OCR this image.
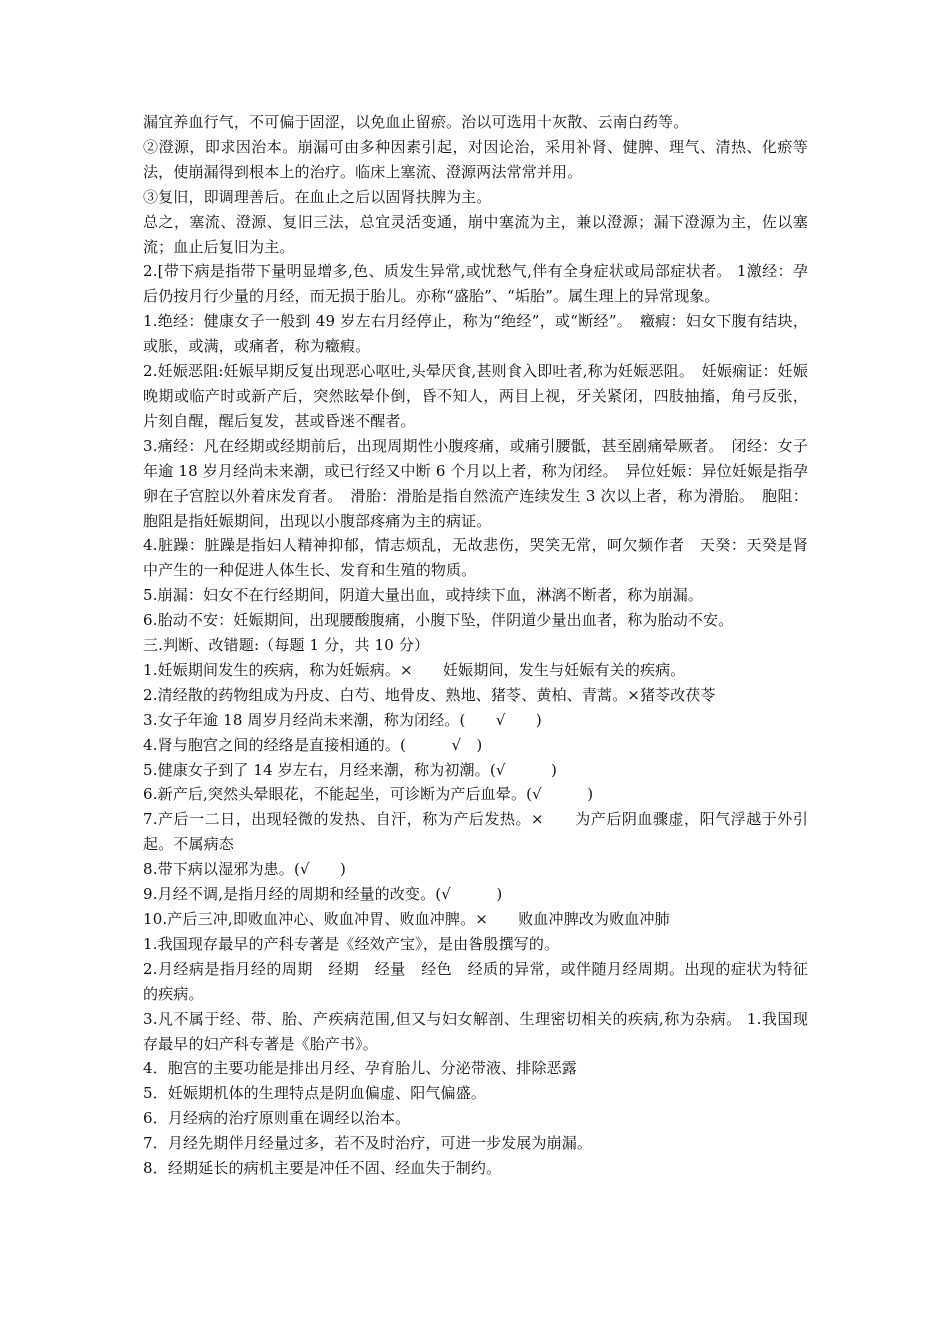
漏宜养血行气，不可偏于固涩，以免血止留瘀。治以可选用十灰散、云南白药等。

②澄源，即求因治本。崩漏可由多种因素引起，对因论治，采用补肾、健脾、理气、清热、化瘀等法，使崩漏得到根本上的治疗。临床上塞流、澄源两法常常并用。

③复旧，即调理善后。在血止之后以固肾扶脾为主。

总之，塞流、澄源、复旧三法，总宜灵活变通，崩中塞流为主，兼以澄源；漏下澄源为主，佐以塞流；血止后复旧为主。

2.[带下病是指带下量明显增多,色、质发生异常,或忧愁气,伴有全身症状或局部症状者。 1激经：孕后仍按月行少量的月经，而无损于胎儿。亦称“盛胎”、“垢胎”。属生理上的异常现象。

1.绝经：健康女子一般到 49 岁左右月经停止，称为“绝经”，或“断经”。　癥瘕：妇女下腹有结块，或胀，或满，或痛者，称为癥瘕。

2.妊娠恶阻:妊娠早期反复出现恶心呕吐,头晕厌食,甚则食入即吐者,称为妊娠恶阻。　妊娠痫证：妊娠晚期或临产时或新产后，突然眩晕仆倒，昏不知人，两目上视，牙关紧闭，四肢抽搐，角弓反张，片刻自醒，醒后复发，甚或昏迷不醒者。

3.痛经：凡在经期或经期前后，出现周期性小腹疼痛，或痛引腰骶，甚至剧痛晕厥者。　闭经：女子年逾 18 岁月经尚未来潮，或已行经又中断 6 个月以上者，称为闭经。　异位妊娠：异位妊娠是指孕卵在子宫腔以外着床发育者。　滑胎：滑胎是指自然流产连续发生 3 次以上者，称为滑胎。　胞阻：胞阻是指妊娠期间，出现以小腹部疼痛为主的病证。

4.脏躁：脏躁是指妇人精神抑郁，情志烦乱，无故悲伤，哭笑无常，呵欠频作者　天癸：天癸是肾中产生的一种促进人体生长、发育和生殖的物质。

5.崩漏：妇女不在行经期间，阴道大量出血，或持续下血，淋漓不断者，称为崩漏。

6.胎动不安：妊娠期间，出现腰酸腹痛，小腹下坠，伴阴道少量出血者，称为胎动不安。

三.判断、改错题:（每题 1 分，共 10 分）

1.妊娠期间发生的疾病，称为妊娠病。×　　妊娠期间，发生与妊娠有关的疾病。

2.清经散的药物组成为丹皮、白芍、地骨皮、熟地、猪苓、黄柏、青蒿。×猪苓改茯苓

3.女子年逾 18 周岁月经尚未来潮，称为闭经。(　　√　　)

4.肾与胞宫之间的经络是直接相通的。(　　　√　)

5.健康女子到了 14 岁左右，月经来潮，称为初潮。(√　　　)

6.新产后,突然头晕眼花，不能起坐，可诊断为产后血晕。(√　　　)

7.产后一二日，出现轻微的发热、自汗，称为产后发热。×　　为产后阴血骤虚，阳气浮越于外引起。不属病态

8.带下病以湿邪为患。(√　　)

9.月经不调,是指月经的周期和经量的改变。(√　　　)

10.产后三冲,即败血冲心、败血冲胃、败血冲脾。×　　败血冲脾改为败血冲肺

1.我国现存最早的产科专著是《经效产宝》，是由昝殷撰写的。

2.月经病是指月经的周期　经期　经量　经色　经质的异常，或伴随月经周期。出现的症状为特征的疾病。

3.凡不属于经、带、胎、产疾病范围,但又与妇女解剖、生理密切相关的疾病,称为杂病。 1.我国现存最早的妇产科专著是《胎产书》。

4．胞宫的主要功能是排出月经、孕育胎儿、分泌带液、排除恶露

5．妊娠期机体的生理特点是阴血偏虚、阳气偏盛。

6．月经病的治疗原则重在调经以治本。

7．月经先期伴月经量过多，若不及时治疗，可进一步发展为崩漏。

8．经期延长的病机主要是冲任不固、经血失于制约。
